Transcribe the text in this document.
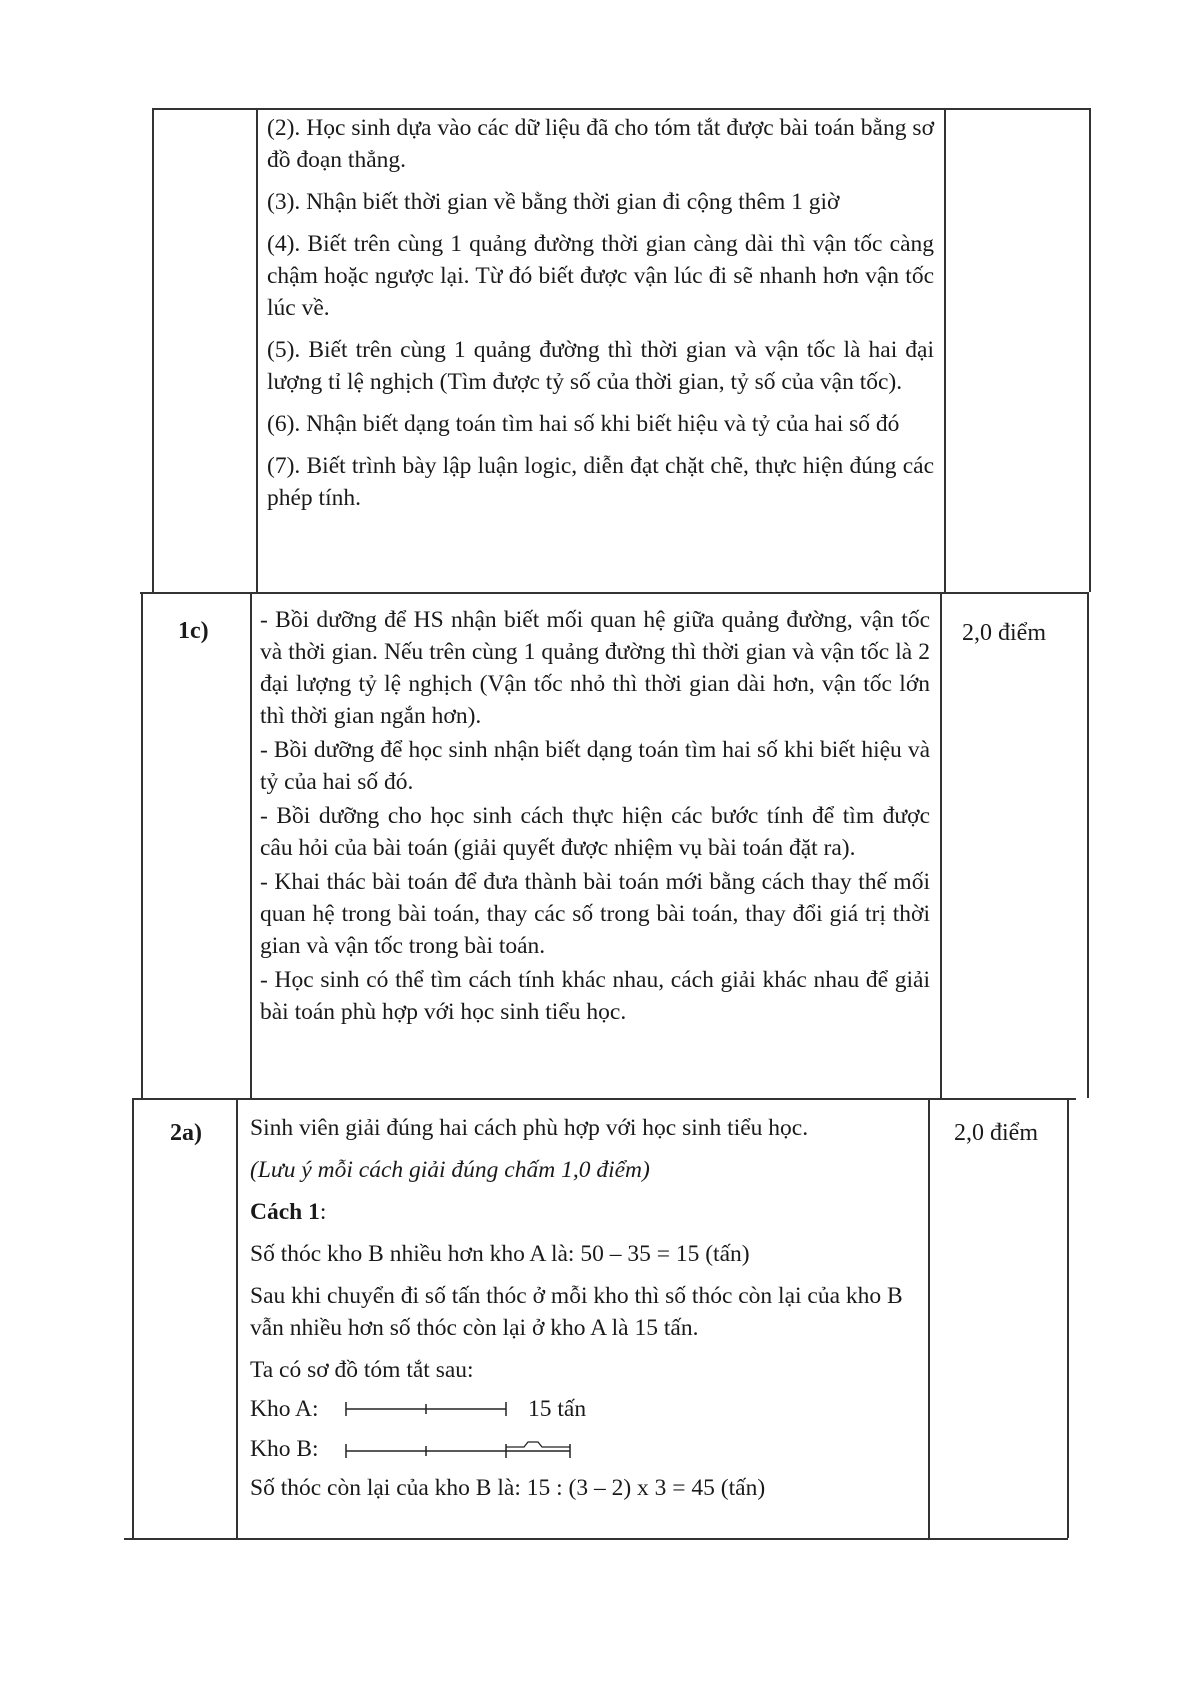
(2). Học sinh dựa vào các dữ liệu đã cho tóm tắt được bài toán bằng sơ đồ đoạn thẳng.

(3). Nhận biết thời gian về bằng thời gian đi cộng thêm 1 giờ

(4). Biết trên cùng 1 quảng đường thời gian càng dài thì vận tốc càng chậm hoặc ngược lại. Từ đó biết được vận lúc đi sẽ nhanh hơn vận tốc lúc về.

(5). Biết trên cùng 1 quảng đường thì thời gian và vận tốc là hai đại lượng tỉ lệ nghịch (Tìm được tỷ số của thời gian, tỷ số của vận tốc).

(6). Nhận biết dạng toán tìm hai số khi biết hiệu và tỷ của hai số đó

(7). Biết trình bày lập luận logic, diễn đạt chặt chẽ, thực hiện đúng các phép tính.

1c) - Bồi dưỡng để HS nhận biết mối quan hệ giữa quảng đường, vận tốc và thời gian. Nếu trên cùng 1 quảng đường thì thời gian và vận tốc là 2 đại lượng tỷ lệ nghịch (Vận tốc nhỏ thì thời gian dài hơn, vận tốc lớn thì thời gian ngắn hơn).

- Bồi dưỡng để học sinh nhận biết dạng toán tìm hai số khi biết hiệu và tỷ của hai số đó.

- Bồi dưỡng cho học sinh cách thực hiện các bước tính để tìm được câu hỏi của bài toán (giải quyết được nhiệm vụ bài toán đặt ra).

- Khai thác bài toán để đưa thành bài toán mới bằng cách thay thế mối quan hệ trong bài toán, thay các số trong bài toán, thay đổi giá trị thời gian và vận tốc trong bài toán.

- Học sinh có thể tìm cách tính khác nhau, cách giải khác nhau để giải bài toán phù hợp với học sinh tiểu học.

2,0 điểm
2a)	2,0 điểm

Sinh viên giải đúng hai cách phù hợp với học sinh tiểu học.

(Lưu ý mỗi cách giải đúng chấm 1,0 điểm)

Cách 1:

Số thóc kho B nhiều hơn kho A là: 50 – 35 = 15 (tấn)

Sau khi chuyển đi số tấn thóc ở mỗi kho thì số thóc còn lại của kho B vẫn nhiều hơn số thóc còn lại ở kho A là 15 tấn.

Ta có sơ đồ tóm tắt sau:

Kho A:	15 tấn
Kho B:

Số thóc còn lại của kho B là: 15 : (3 – 2) x 3 = 45 (tấn)
